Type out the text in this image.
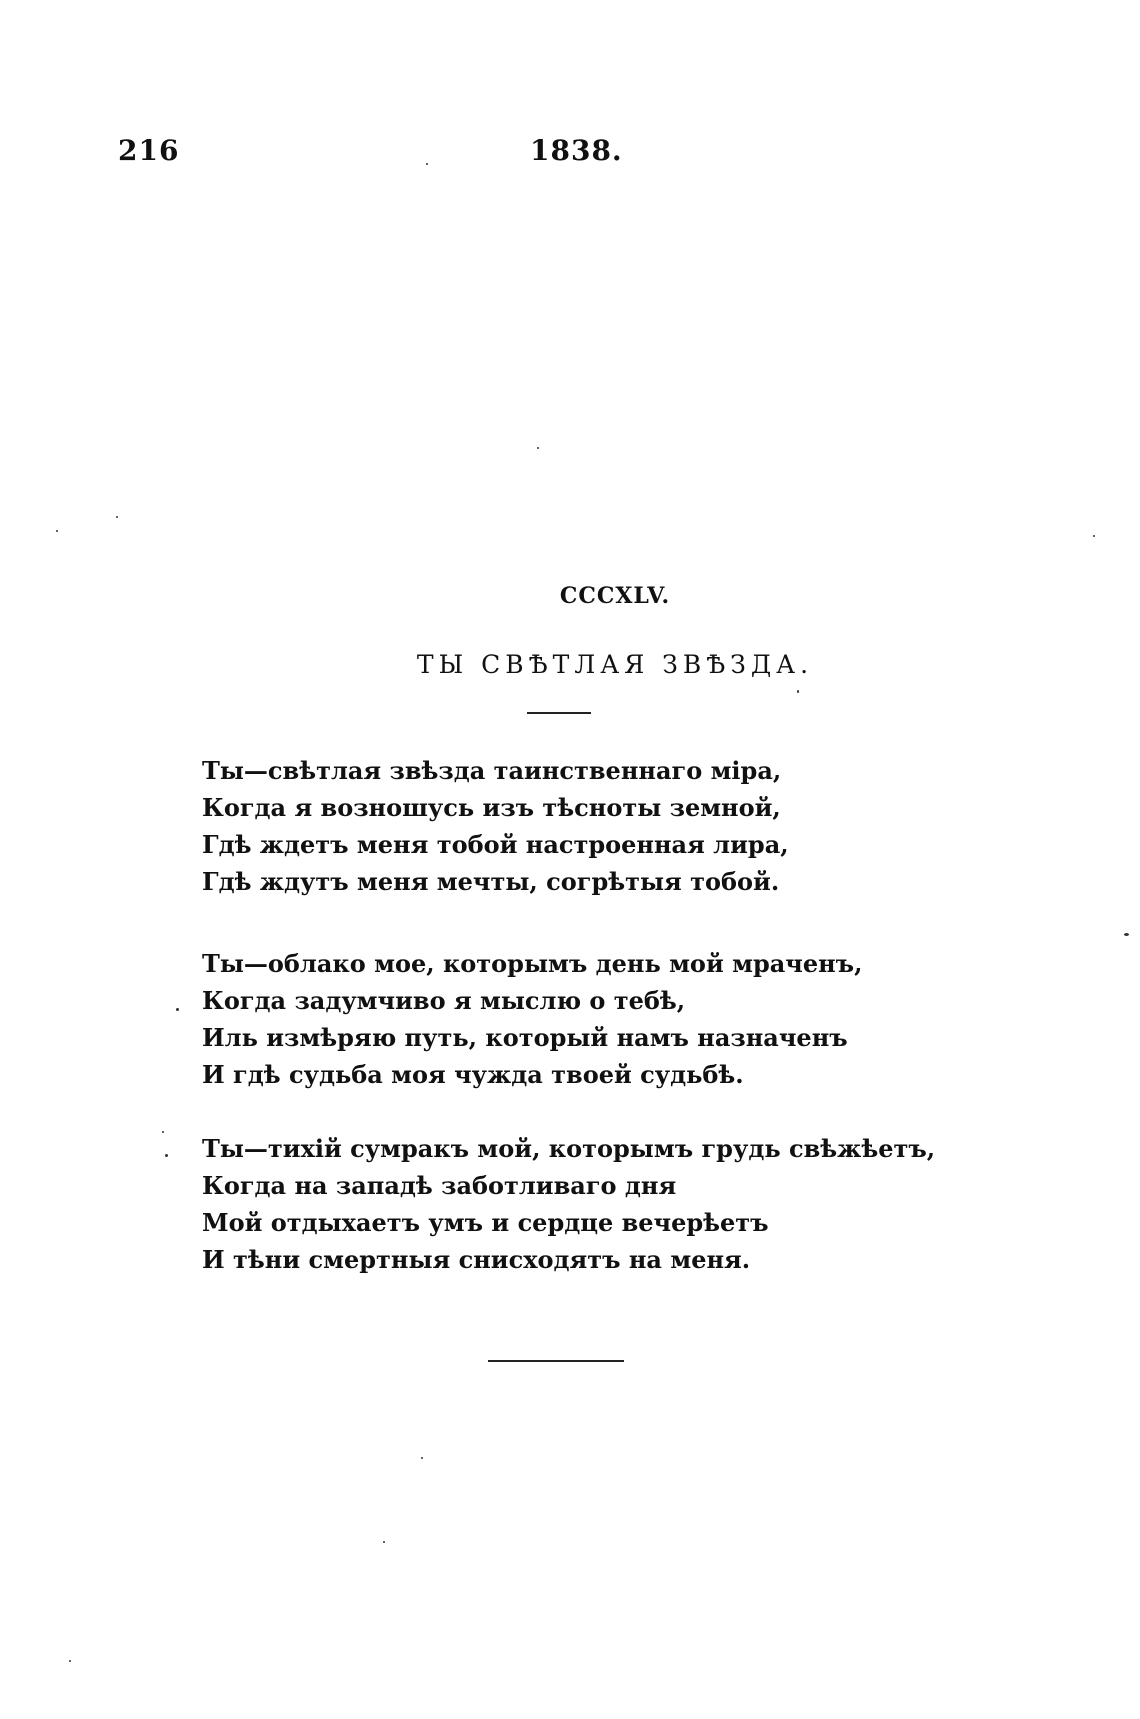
216	1838.
CCCXLV.
ТЫ СВѢТЛАЯ ЗВѢЗДА.
Ты—свѣтлая звѣзда таинственнаго міра,
Когда я возношусь изъ тѣсноты земной,
Гдѣ ждетъ меня тобой настроенная лира,
Гдѣ ждутъ меня мечты, согрѣтыя тобой.
Ты—облако мое, которымъ день мой мраченъ,
Когда задумчиво я мыслю о тебѣ,
Иль измѣряю путь, который намъ назначенъ
И гдѣ судьба моя чужда твоей судьбѣ.
Ты—тихій сумракъ мой, которымъ грудь свѣжѣетъ,
Когда на западѣ заботливаго дня
Мой отдыхаетъ умъ и сердце вечерѣетъ
И тѣни смертныя снисходятъ на меня.
